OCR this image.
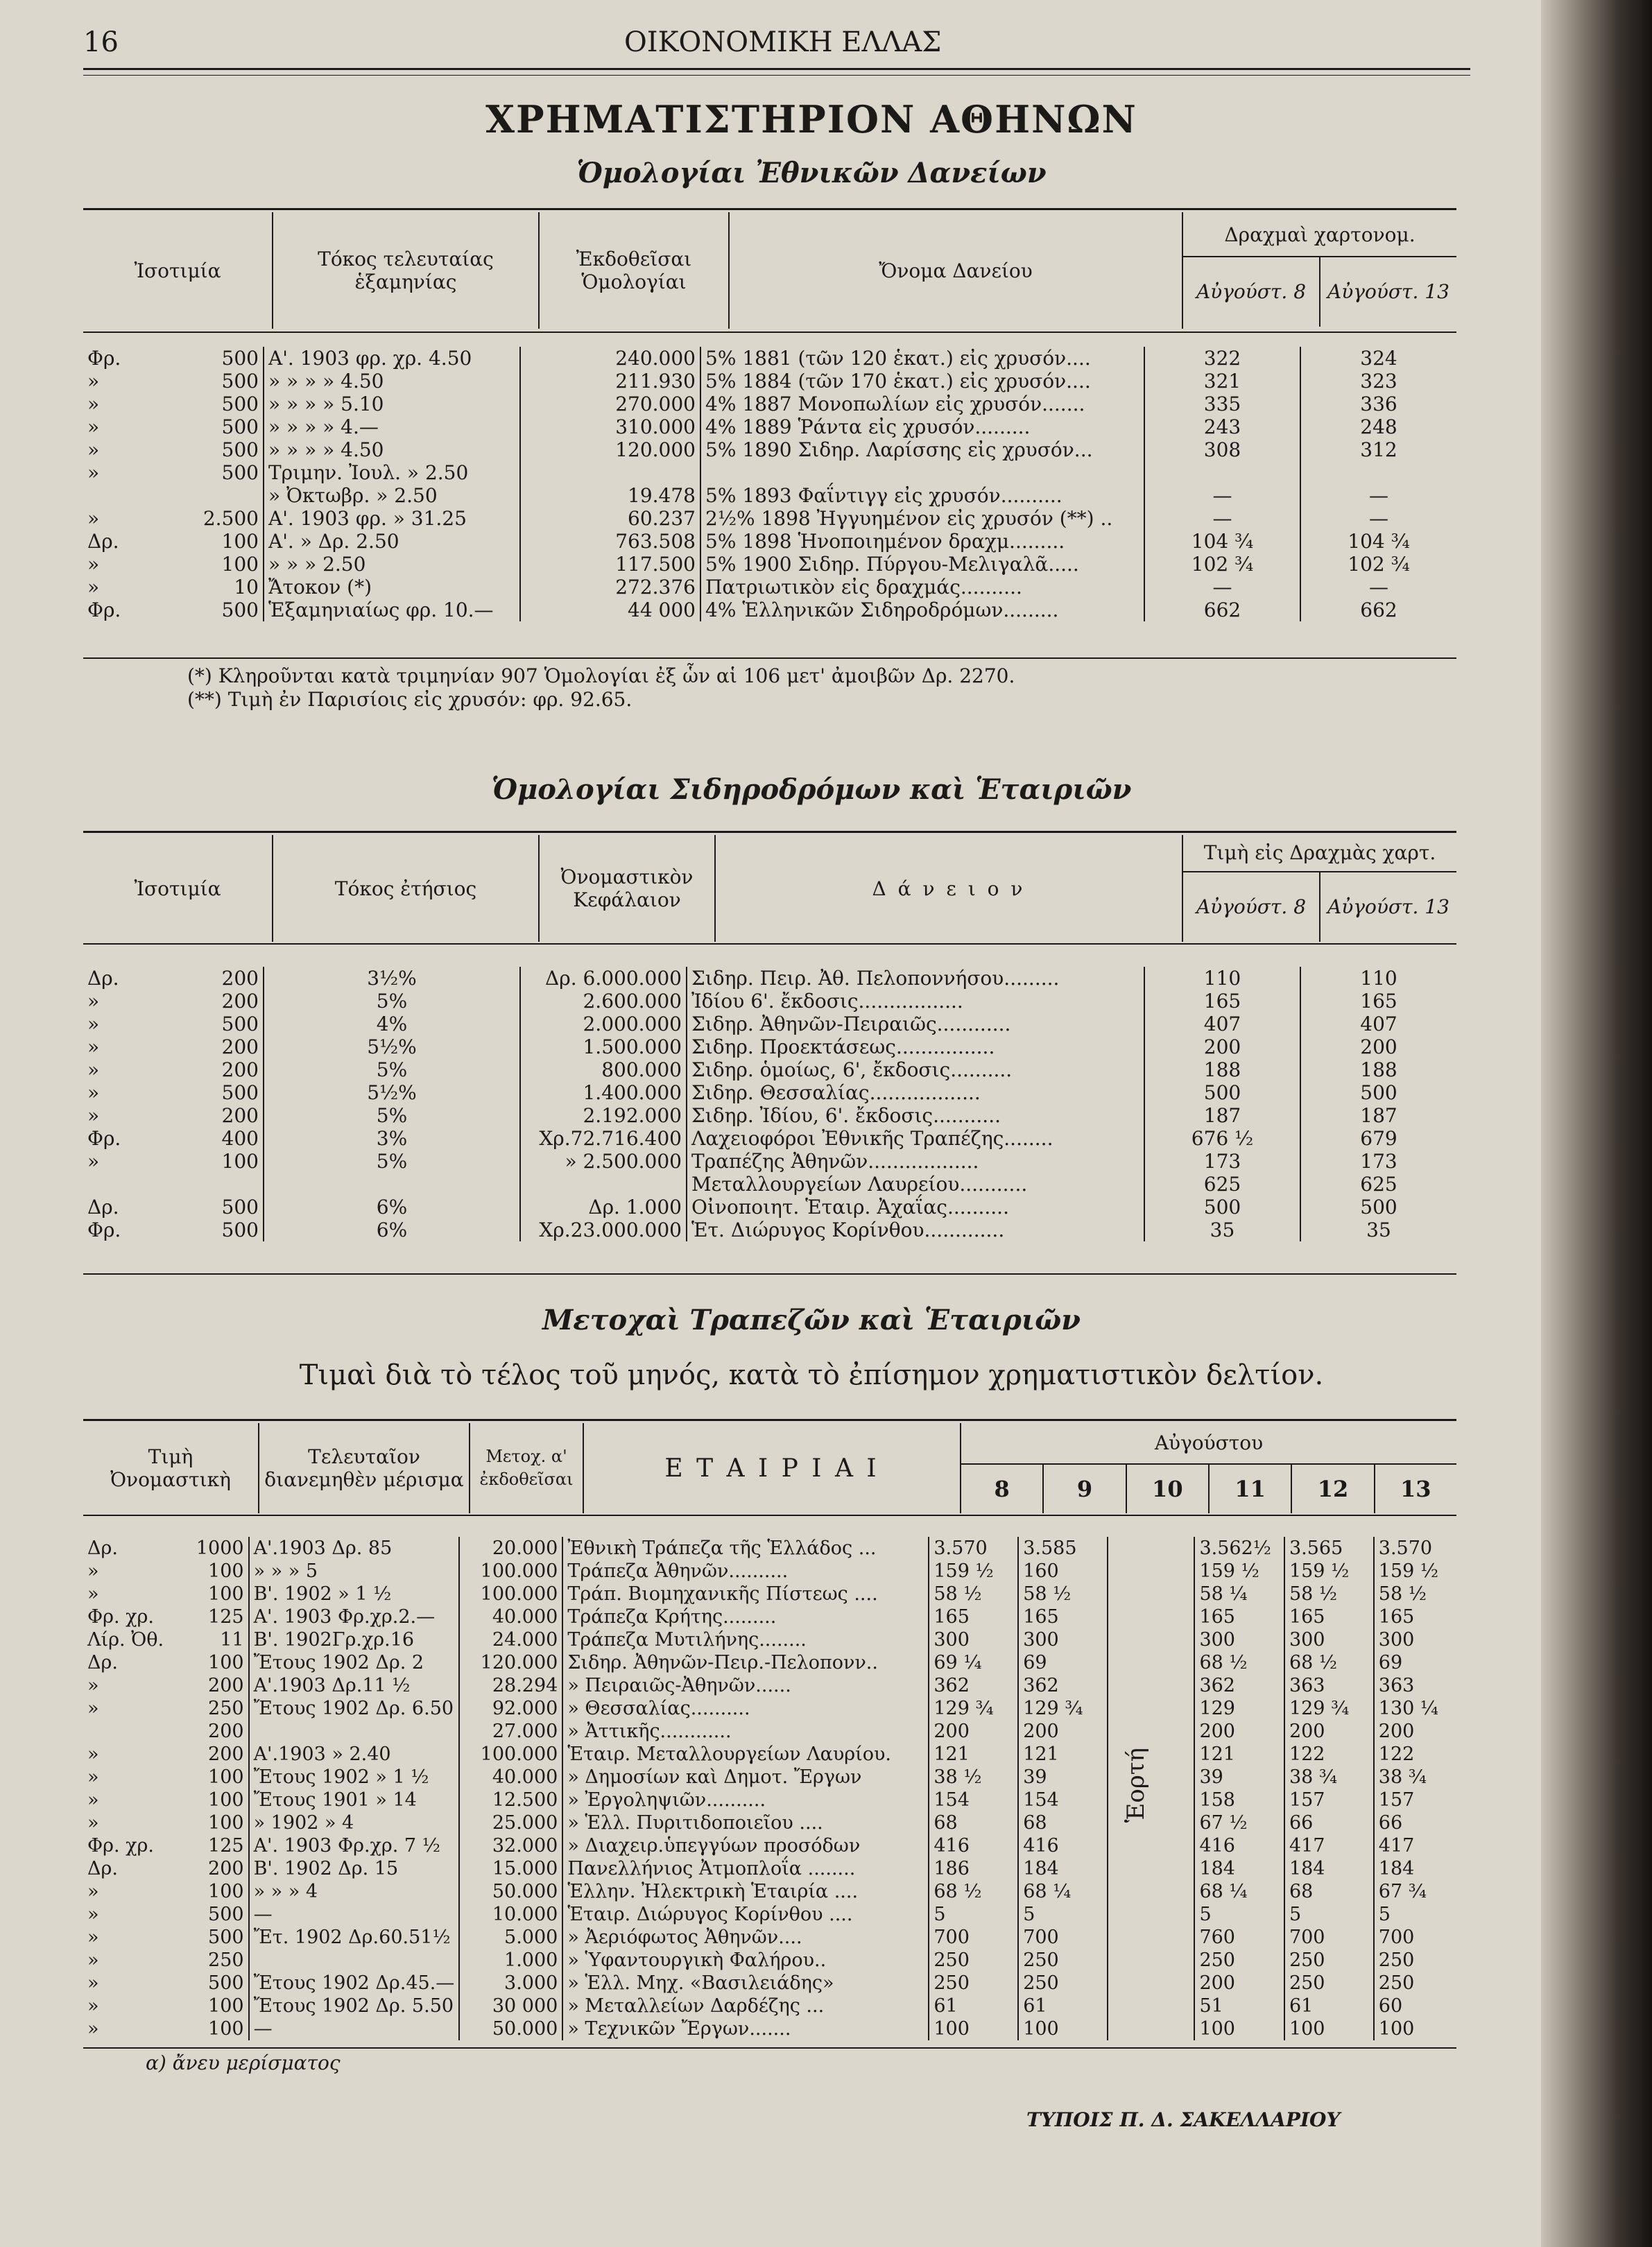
16	ΟΙΚΟΝΟΜΙΚΗ ΕΛΛΑΣ
ΧΡΗΜΑΤΙΣΤΗΡΙΟΝ ΑΘΗΝΩΝ
Ὁμολογίαι Ἐθνικῶν Δανείων
Ἰσοτιμία	Τόκος τελευταίας ἑξαμηνίας	Ἐκδοθεῖσαι Ὁμολογίαι	Ὄνομα Δανείου	
Δραχμαὶ χαρτονομ.
Αὐγούστ. 8	Αὐγούστ. 13
Φρ.	500	Α'. 1903 φρ. χρ. 4.50	240.000	5% 1881 (τῶν 120 ἑκατ.) εἰς χρυσόν....	322	324
»	500	» » » » 4.50	211.930	5% 1884 (τῶν 170 ἑκατ.) εἰς χρυσόν....	321	323
»	500	» » » » 5.10	270.000	4% 1887 Μονοπωλίων εἰς χρυσόν.......	335	336
»	500	» » » » 4.—	310.000	4% 1889 Ῥάντα εἰς χρυσόν.........	243	248
»	500	» » » » 4.50	120.000	5% 1890 Σιδηρ. Λαρίσσης εἰς χρυσόν...	308	312
»	500	Τριμην. Ἰουλ. » 2.50				
		» Ὀκτωβρ. » 2.50	19.478	5% 1893 Φαΐντιγγ εἰς χρυσόν..........	—	—
»	2.500	Α'. 1903 φρ. » 31.25	60.237	2½% 1898 Ἠγγυημένον εἰς χρυσόν (**) ..	—	—
Δρ.	100	Α'. » Δρ. 2.50	763.508	5% 1898 Ἡνοποιημένον δραχμ.........	104 ¾	104 ¾
»	100	» » » 2.50	117.500	5% 1900 Σιδηρ. Πύργου-Μελιγαλᾶ.....	102 ¾	102 ¾
»	10	Ἄτοκον (*)	272.376	Πατριωτικὸν εἰς δραχμάς..........	—	—
Φρ.	500	Ἑξαμηνιαίως φρ. 10.—	44 000	4% Ἑλληνικῶν Σιδηροδρόμων.........	662	662
(*) Κληροῦνται κατὰ τριμηνίαν 907 Ὁμολογίαι ἐξ ὧν αἱ 106 μετ' ἀμοιβῶν Δρ. 2270.
(**) Τιμὴ ἐν Παρισίοις εἰς χρυσόν: φρ. 92.65.
Ὁμολογίαι Σιδηροδρόμων καὶ Ἑταιριῶν
Ἰσοτιμία	Τόκος ἐτήσιος	Ὀνομαστικὸν Κεφάλαιον	Δ ά ν ε ι ο ν	
Τιμὴ εἰς Δραχμὰς χαρτ.
Αὐγούστ. 8	Αὐγούστ. 13
Δρ.	200	3½%	Δρ. 6.000.000	Σιδηρ. Πειρ. Ἀθ. Πελοποννήσου.........	110	110
»	200	5%	2.600.000	Ἰδίου 6'. ἔκδοσις.................	165	165
»	500	4%	2.000.000	Σιδηρ. Ἀθηνῶν-Πειραιῶς............	407	407
»	200	5½%	1.500.000	Σιδηρ. Προεκτάσεως................	200	200
»	200	5%	800.000	Σιδηρ. ὁμοίως, 6', ἔκδοσις..........	188	188
»	500	5½%	1.400.000	Σιδηρ. Θεσσαλίας..................	500	500
»	200	5%	2.192.000	Σιδηρ. Ἰδίου, 6'. ἔκδοσις...........	187	187
Φρ.	400	3%	Χρ.72.716.400	Λαχειοφόροι Ἐθνικῆς Τραπέζης........	676 ½	679
»	100	5%	» 2.500.000	Τραπέζης Ἀθηνῶν..................	173	173
				Μεταλλουργείων Λαυρείου...........	625	625
Δρ.	500	6%	Δρ. 1.000	Οἰνοποιητ. Ἑταιρ. Ἀχαΐας..........	500	500
Φρ.	500	6%	Χρ.23.000.000	Ἑτ. Διώρυγος Κορίνθου.............	35	35
Μετοχαὶ Τραπεζῶν καὶ Ἑταιριῶν
Τιμαὶ διὰ τὸ τέλος τοῦ μηνός, κατὰ τὸ ἐπίσημον χρηματιστικὸν δελτίον.
Τιμὴ Ὀνομαστικὴ	Τελευταῖον διανεμηθὲν μέρισμα	Μετοχ. α' ἐκδοθεῖσαι	Ε Τ Α Ι Ρ Ι Α Ι	
Αὐγούστου
8	9	10	11	12	13
Δρ.	1000	Α'.1903 Δρ. 85	20.000	Ἐθνικὴ Τράπεζα τῆς Ἑλλάδος ...	3.570	3.585		3.562½	3.565	3.570
»	100	» » » 5	100.000	Τράπεζα Ἀθηνῶν..........	159 ½	160		159 ½	159 ½	159 ½
»	100	Β'. 1902 » 1 ½	100.000	Τράπ. Βιομηχανικῆς Πίστεως ....	58 ½	58 ½		58 ¼	58 ½	58 ½
Φρ. χρ.	125	Α'. 1903 Φρ.χρ.2.—	40.000	Τράπεζα Κρήτης.........	165	165		165	165	165
Λίρ. Ὀθ.	11	Β'. 1902Γρ.χρ.16	24.000	Τράπεζα Μυτιλήνης........	300	300		300	300	300
Δρ.	100	Ἔτους 1902 Δρ. 2	120.000	Σιδηρ. Ἀθηνῶν-Πειρ.-Πελοπονν..	69 ¼	69		68 ½	68 ½	69
»	200	Α'.1903 Δρ.11 ½	28.294	» Πειραιῶς-Ἀθηνῶν......	362	362		362	363	363
»	250	Ἔτους 1902 Δρ. 6.50	92.000	» Θεσσαλίας..........	129 ¾	129 ¾		129	129 ¾	130 ¼
	200		27.000	» Ἀττικῆς............	200	200		200	200	200
»	200	Α'.1903 » 2.40	100.000	Ἑταιρ. Μεταλλουργείων Λαυρίου.	121	121		121	122	122
»	100	Ἔτους 1902 » 1 ½	40.000	» Δημοσίων καὶ Δημοτ. Ἔργων	38 ½	39		39	38 ¾	38 ¾
»	100	Ἔτους 1901 » 14	12.500	» Ἐργοληψιῶν..........	154	154		158	157	157
»	100	» 1902 » 4	25.000	» Ἑλλ. Πυριτιδοποιεῖου ....	68	68		67 ½	66	66
Φρ. χρ.	125	Α'. 1903 Φρ.χρ. 7 ½	32.000	» Διαχειρ.ὑπεγγύων προσόδων	416	416		416	417	417
Δρ.	200	Β'. 1902 Δρ. 15	15.000	Πανελλήνιος Ἀτμοπλοΐα ........	186	184		184	184	184
»	100	» » » 4	50.000	Ἑλλην. Ἠλεκτρικὴ Ἑταιρία ....	68 ½	68 ¼		68 ¼	68	67 ¾
»	500	—	10.000	Ἑταιρ. Διώρυγος Κορίνθου ....	5	5		5	5	5
»	500	Ἔτ. 1902 Δρ.60.51½	5.000	» Ἀεριόφωτος Ἀθηνῶν....	700	700		760	700	700
»	250		1.000	» Ὑφαντουργικὴ Φαλήρου..	250	250		250	250	250
»	500	Ἔτους 1902 Δρ.45.—	3.000	» Ἑλλ. Μηχ. «Βασιλειάδης»	250	250		200	250	250
»	100	Ἔτους 1902 Δρ. 5.50	30 000	» Μεταλλείων Δαρδέζης ...	61	61		51	61	60
»	100	—	50.000	» Τεχνικῶν Ἔργων.......	100	100		100	100	100
Ἑορτή
α) ἄνευ μερίσματος
ΤΥΠΟΙΣ Π. Δ. ΣΑΚΕΛΛΑΡΙΟΥ
